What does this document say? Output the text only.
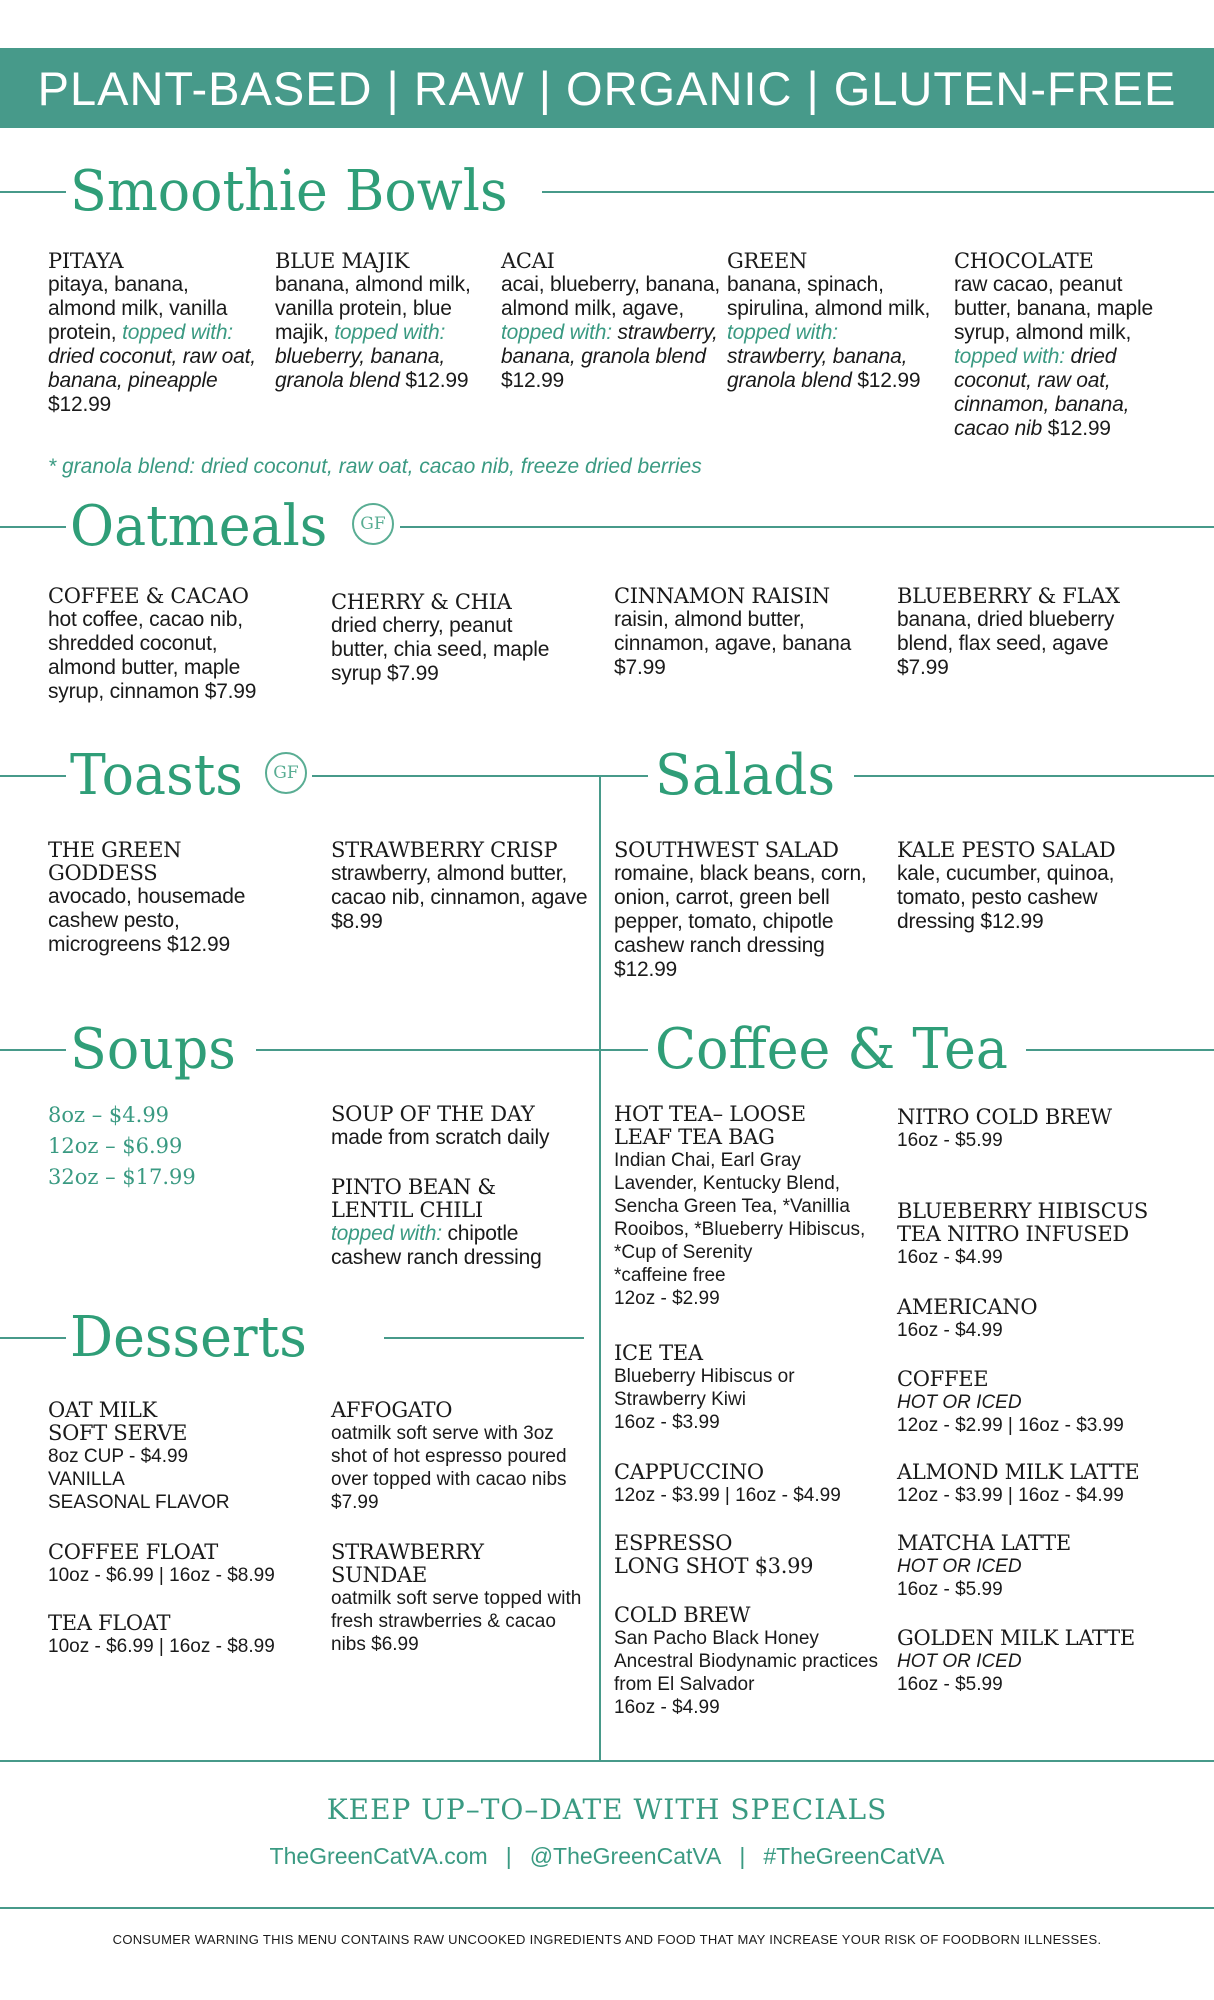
PLANT-BASED | RAW | ORGANIC | GLUTEN-FREE
Smoothie Bowls
Oatmeals	GF
Toasts	GF	Salads
Soups	Coffee & Tea
Desserts
PITAYA
pitaya, banana, almond milk, vanilla protein, topped with: dried coconut, raw oat, banana, pineapple $12.99
BLUE MAJIK
banana, almond milk, vanilla protein, blue majik, topped with: blueberry, banana, granola blend $12.99
ACAI
acai, blueberry, banana, almond milk, agave, topped with: strawberry, banana, granola blend $12.99
GREEN
banana, spinach, spirulina, almond milk, topped with: strawberry, banana, granola blend $12.99
CHOCOLATE
raw cacao, peanut butter, banana, maple syrup, almond milk, topped with: dried coconut, raw oat, cinnamon, banana, cacao nib $12.99
* granola blend: dried coconut, raw oat, cacao nib, freeze dried berries
COFFEE & CACAO
hot coffee, cacao nib, shredded coconut, almond butter, maple syrup, cinnamon $7.99
CHERRY & CHIA
dried cherry, peanut butter, chia seed, maple syrup $7.99
CINNAMON RAISIN
raisin, almond butter, cinnamon, agave, banana $7.99
BLUEBERRY & FLAX
banana, dried blueberry blend, flax seed, agave $7.99
THE GREEN GODDESS
avocado, housemade cashew pesto, microgreens $12.99
STRAWBERRY CRISP
strawberry, almond butter, cacao nib, cinnamon, agave $8.99
SOUTHWEST SALAD
romaine, black beans, corn, onion, carrot, green bell pepper, tomato, chipotle cashew ranch dressing $12.99
KALE PESTO SALAD
kale, cucumber, quinoa, tomato, pesto cashew dressing $12.99
8oz – $4.99
12oz – $6.99
32oz – $17.99
SOUP OF THE DAY
made from scratch daily
PINTO BEAN &
LENTIL CHILI
topped with: chipotle cashew ranch dressing
OAT MILK
SOFT SERVE
8oz CUP - $4.99
VANILLA
SEASONAL FLAVOR
COFFEE FLOAT
10oz - $6.99 | 16oz - $8.99
TEA FLOAT
10oz - $6.99 | 16oz - $8.99
AFFOGATO
oatmilk soft serve with 3oz shot of hot espresso poured over topped with cacao nibs $7.99
STRAWBERRY
SUNDAE
oatmilk soft serve topped with fresh strawberries & cacao nibs $6.99
HOT TEA– LOOSE
LEAF TEA BAG
Indian Chai, Earl Gray Lavender, Kentucky Blend, Sencha Green Tea, *Vanillia Rooibos, *Blueberry Hibiscus, *Cup of Serenity
*caffeine free
12oz - $2.99
ICE TEA
Blueberry Hibiscus or Strawberry Kiwi
16oz - $3.99
CAPPUCCINO
12oz - $3.99 | 16oz - $4.99
ESPRESSO
LONG SHOT $3.99
COLD BREW
San Pacho Black Honey Ancestral Biodynamic practices from El Salvador
16oz - $4.99
NITRO COLD BREW
16oz - $5.99
BLUEBERRY HIBISCUS
TEA NITRO INFUSED
16oz - $4.99
AMERICANO
16oz - $4.99
COFFEE
HOT OR ICED
12oz - $2.99 | 16oz - $3.99
ALMOND MILK LATTE
12oz - $3.99 | 16oz - $4.99
MATCHA LATTE
HOT OR ICED
16oz - $5.99
GOLDEN MILK LATTE
HOT OR ICED
16oz - $5.99
KEEP UP–TO–DATE WITH SPECIALS
TheGreenCatVA.com | @TheGreenCatVA | #TheGreenCatVA
CONSUMER WARNING THIS MENU CONTAINS RAW UNCOOKED INGREDIENTS AND FOOD THAT MAY INCREASE YOUR RISK OF FOODBORN ILLNESSES.
